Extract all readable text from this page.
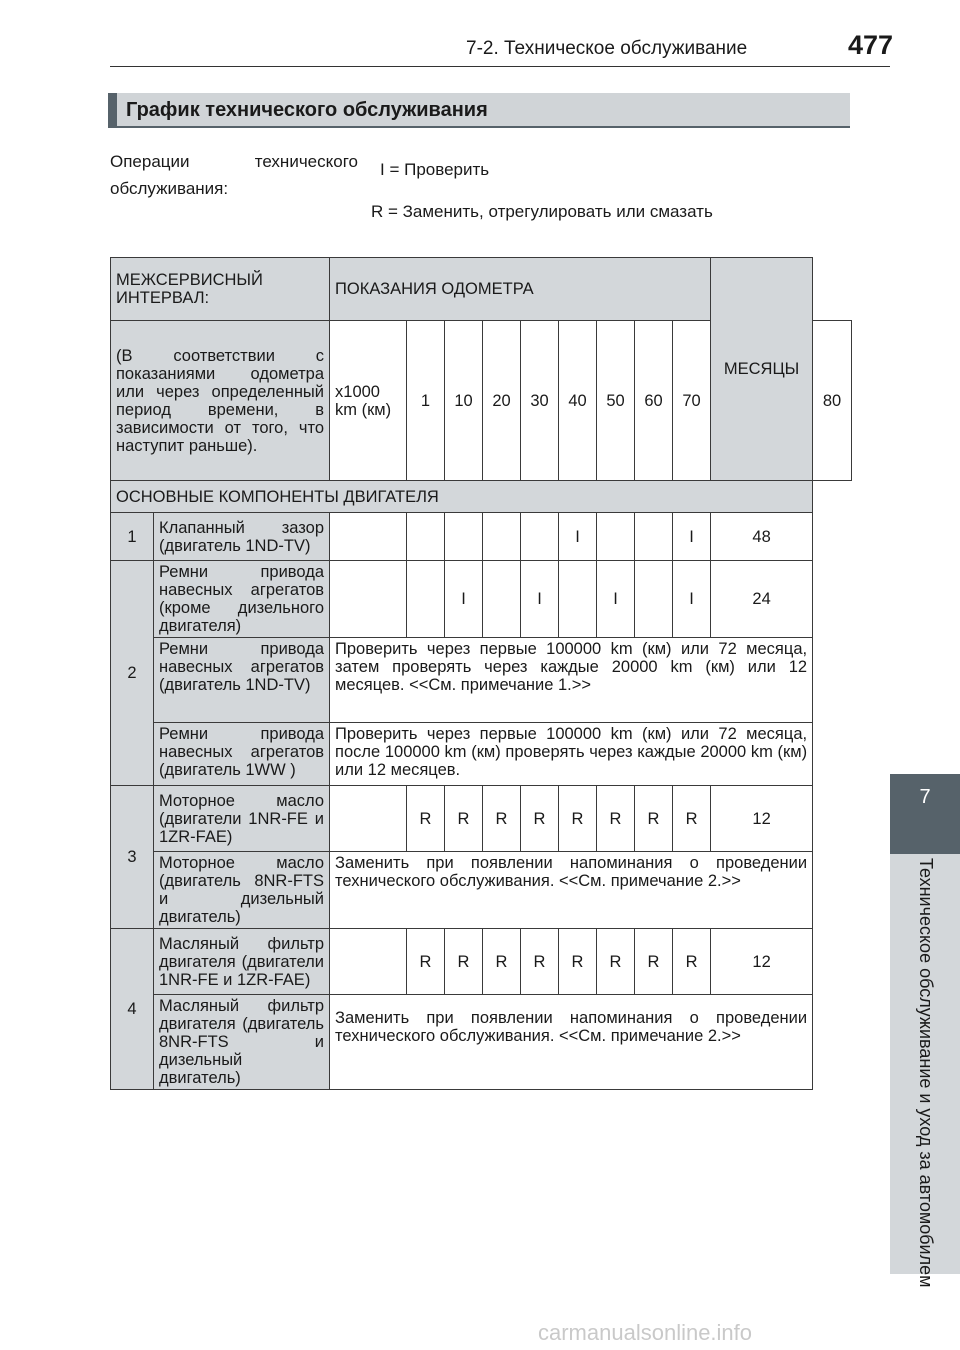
7-2. Техническое обслуживание	477
7
Техническое обслуживание и уход за автомобилем
График технического обслуживания
Операции технического
обслуживания:
I = Проверить
R = Заменить, отрегулировать или смазать
МЕЖСЕРВИСНЫЙ ИНТЕРВАЛ:		ПОКАЗАНИЯ ОДОМЕТРА									МЕСЯЦЫ	
(В соответствии с показаниями одометра или через определенный период времени, в зависимости от того, что наступит раньше).		x1000 km (км)	1	10	20	30	40	50	60	70		80
ОСНОВНЫЕ КОМПОНЕНТЫ ДВИГАТЕЛЯ												
1	Клапанный зазор (двигатель 1ND-TV)						I			I	48	
2	Ремни привода навесных агрегатов (кроме дизельного двигателя)			I		I		I		I	24	
	Ремни привода навесных агрегатов (двигатель 1ND-TV)	Проверить через первые 100000 km (км) или 72 месяца, затем проверять через каждые 20000 km (км) или 12 месяцев. <<См. примечание 1.>>										
	Ремни привода навесных агрегатов (двигатель 1WW )	Проверить через первые 100000 km (км) или 72 месяца, после 100000 km (км) проверять через каждые 20000 km (км) или 12 месяцев.										
3	Моторное масло (двигатели 1NR-FE и 1ZR-FAE)		R	R	R	R	R	R	R	R	12	
	Моторное масло (двигатель 8NR-FTS и дизельный двигатель)	Заменить при появлении напоминания о проведении технического обслуживания. <<См. примечание 2.>>										
4	Масляный фильтр двигателя (двигатели 1NR-FE и 1ZR-FAE)		R	R	R	R	R	R	R	R	12	
	Масляный фильтр двигателя (двигатель 8NR-FTS и дизельный двигатель)	Заменить при появлении напоминания о проведении технического обслуживания. <<См. примечание 2.>>										
carmanualsonline.info
